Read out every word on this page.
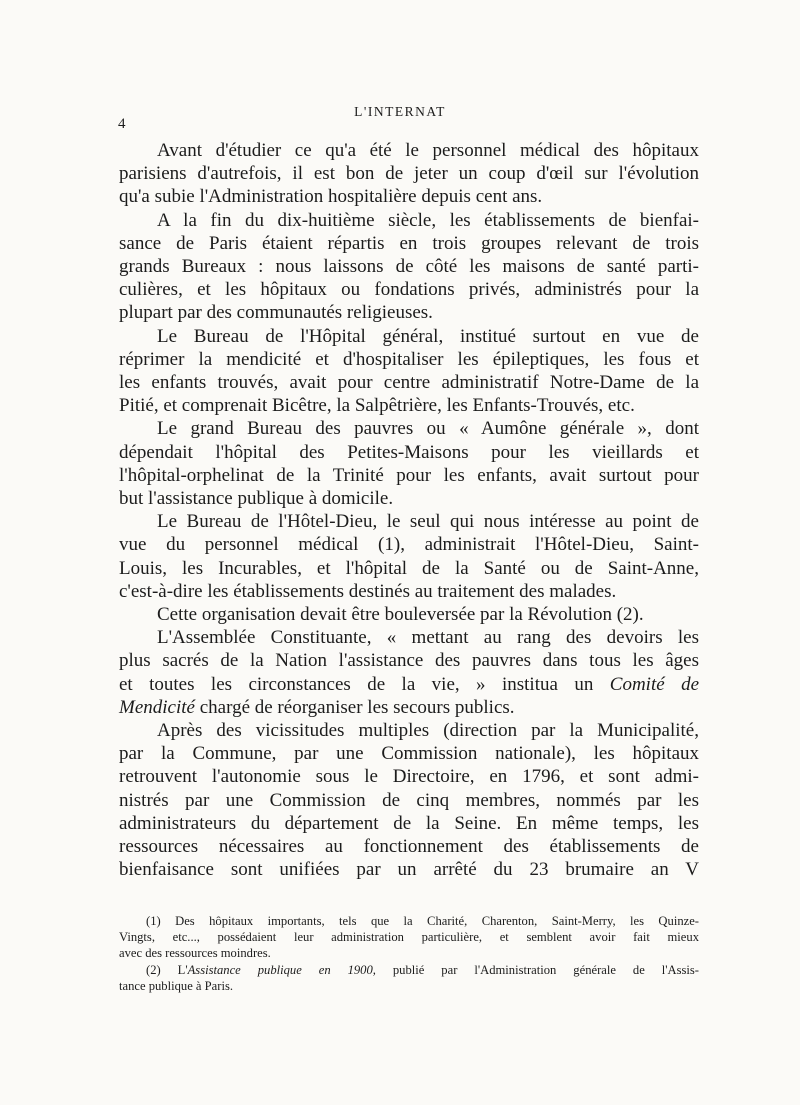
4
L'INTERNAT
Avant d'étudier ce qu'a été le personnel médical des hôpitaux
parisiens d'autrefois, il est bon de jeter un coup d'œil sur l'évolution
qu'a subie l'Administration hospitalière depuis cent ans.
A la fin du dix-huitième siècle, les établissements de bienfai-
sance de Paris étaient répartis en trois groupes relevant de trois
grands Bureaux : nous laissons de côté les maisons de santé parti-
culières, et les hôpitaux ou fondations privés, administrés pour la
plupart par des communautés religieuses.
Le Bureau de l'Hôpital général, institué surtout en vue de
réprimer la mendicité et d'hospitaliser les épileptiques, les fous et
les enfants trouvés, avait pour centre administratif Notre-Dame de la
Pitié, et comprenait Bicêtre, la Salpêtrière, les Enfants-Trouvés, etc.
Le grand Bureau des pauvres ou « Aumône générale », dont
dépendait l'hôpital des Petites-Maisons pour les vieillards et
l'hôpital-orphelinat de la Trinité pour les enfants, avait surtout pour
but l'assistance publique à domicile.
Le Bureau de l'Hôtel-Dieu, le seul qui nous intéresse au point de
vue du personnel médical (1), administrait l'Hôtel-Dieu, Saint-
Louis, les Incurables, et l'hôpital de la Santé ou de Saint-Anne,
c'est-à-dire les établissements destinés au traitement des malades.
Cette organisation devait être bouleversée par la Révolution (2).
L'Assemblée Constituante, « mettant au rang des devoirs les
plus sacrés de la Nation l'assistance des pauvres dans tous les âges
et toutes les circonstances de la vie, » institua un Comité de
Mendicité chargé de réorganiser les secours publics.
Après des vicissitudes multiples (direction par la Municipalité,
par la Commune, par une Commission nationale), les hôpitaux
retrouvent l'autonomie sous le Directoire, en 1796, et sont admi-
nistrés par une Commission de cinq membres, nommés par les
administrateurs du département de la Seine. En même temps, les
ressources nécessaires au fonctionnement des établissements de
bienfaisance sont unifiées par un arrêté du 23 brumaire an V
(1) Des hôpitaux importants, tels que la Charité, Charenton, Saint-Merry, les Quinze-
Vingts, etc..., possédaient leur administration particulière, et semblent avoir fait mieux
avec des ressources moindres.
(2) L'Assistance publique en 1900, publié par l'Administration générale de l'Assis-
tance publique à Paris.
